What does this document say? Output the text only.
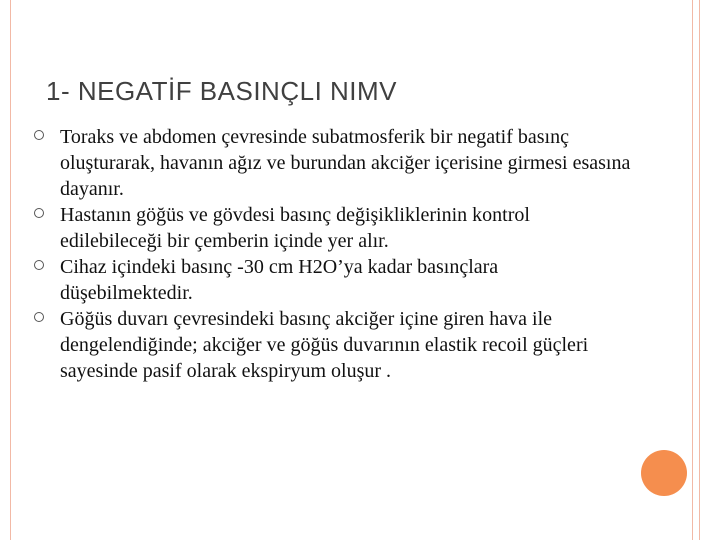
1- NEGATİF BASINÇLI NIMV
Toraks ve abdomen çevresinde subatmosferik bir negatif basınç oluşturarak, havanın ağız ve burundan akciğer içerisine girmesi esasına dayanır.
Hastanın göğüs ve gövdesi basınç değişikliklerinin kontrol edilebileceği bir çemberin içinde yer alır.
Cihaz içindeki basınç -30 cm H2O’ya kadar basınçlara düşebilmektedir.
Göğüs duvarı çevresindeki basınç akciğer içine giren hava ile dengelendiğinde; akciğer ve göğüs duvarının elastik recoil güçleri sayesinde pasif olarak ekspiryum oluşur .
